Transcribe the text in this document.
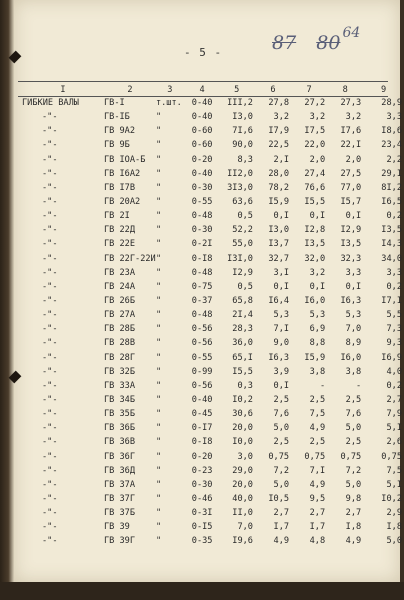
- 5 -	87 80 $^{64}$
I	2	3	4	5	6	7	8	9
ГИБКИЕ ВАЛЫ	ГВ-I	т.шт.	0-40	III,2	27,8	27,2	27,3	28,9
-"-	ГВ-IБ	"	0-40	I3,0	3,2	3,2	3,2	3,3
-"-	ГВ 9А2	"	0-60	7I,6	I7,9	I7,5	I7,6	I8,6
-"-	ГВ 9Б	"	0-60	90,0	22,5	22,0	22,I	23,4
-"-	ГВ IОА-Б	"	0-20	8,3	2,I	2,0	2,0	2,2
-"-	ГВ I6А2	"	0-40	II2,0	28,0	27,4	27,5	29,I
-"-	ГВ I7В	"	0-30	3I3,0	78,2	76,6	77,0	8I,2
-"-	ГВ 20А2	"	0-55	63,6	I5,9	I5,5	I5,7	I6,5
-"-	ГВ 2I	"	0-48	0,5	0,I	0,I	0,I	0,2
-"-	ГВ 22Д	"	0-30	52,2	I3,0	I2,8	I2,9	I3,5
-"-	ГВ 22Е	"	0-2I	55,0	I3,7	I3,5	I3,5	I4,3
-"-	ГВ 22Г-22И	"	0-I8	I3I,0	32,7	32,0	32,3	34,0
-"-	ГВ 23А	"	0-48	I2,9	3,I	3,2	3,3	3,3
-"-	ГВ 24А	"	0-75	0,5	0,I	0,I	0,I	0,2
-"-	ГВ 26Б	"	0-37	65,8	I6,4	I6,0	I6,3	I7,I
-"-	ГВ 27А	"	0-48	2I,4	5,3	5,3	5,3	5,5
-"-	ГВ 28Б	"	0-56	28,3	7,I	6,9	7,0	7,3
-"-	ГВ 28В	"	0-56	36,0	9,0	8,8	8,9	9,3
-"-	ГВ 28Г	"	0-55	65,I	I6,3	I5,9	I6,0	I6,9
-"-	ГВ 32Б	"	0-99	I5,5	3,9	3,8	3,8	4,0
-"-	ГВ 33А	"	0-56	0,3	0,I	-	-	0,2
-"-	ГВ 34Б	"	0-40	I0,2	2,5	2,5	2,5	2,7
-"-	ГВ 35Б	"	0-45	30,6	7,6	7,5	7,6	7,9
-"-	ГВ 36Б	"	0-I7	20,0	5,0	4,9	5,0	5,I
-"-	ГВ 36В	"	0-I8	I0,0	2,5	2,5	2,5	2,6
-"-	ГВ 36Г	"	0-20	3,0	0,75	0,75	0,75	0,75
-"-	ГВ 36Д	"	0-23	29,0	7,2	7,I	7,2	7,5
-"-	ГВ 37А	"	0-30	20,0	5,0	4,9	5,0	5,I
-"-	ГВ 37Г	"	0-46	40,0	I0,5	9,5	9,8	I0,2
-"-	ГВ 37Б	"	0-3I	II,0	2,7	2,7	2,7	2,9
-"-	ГВ 39	"	0-I5	7,0	I,7	I,7	I,8	I,8
-"-	ГВ 39Г	"	0-35	I9,6	4,9	4,8	4,9	5,0
